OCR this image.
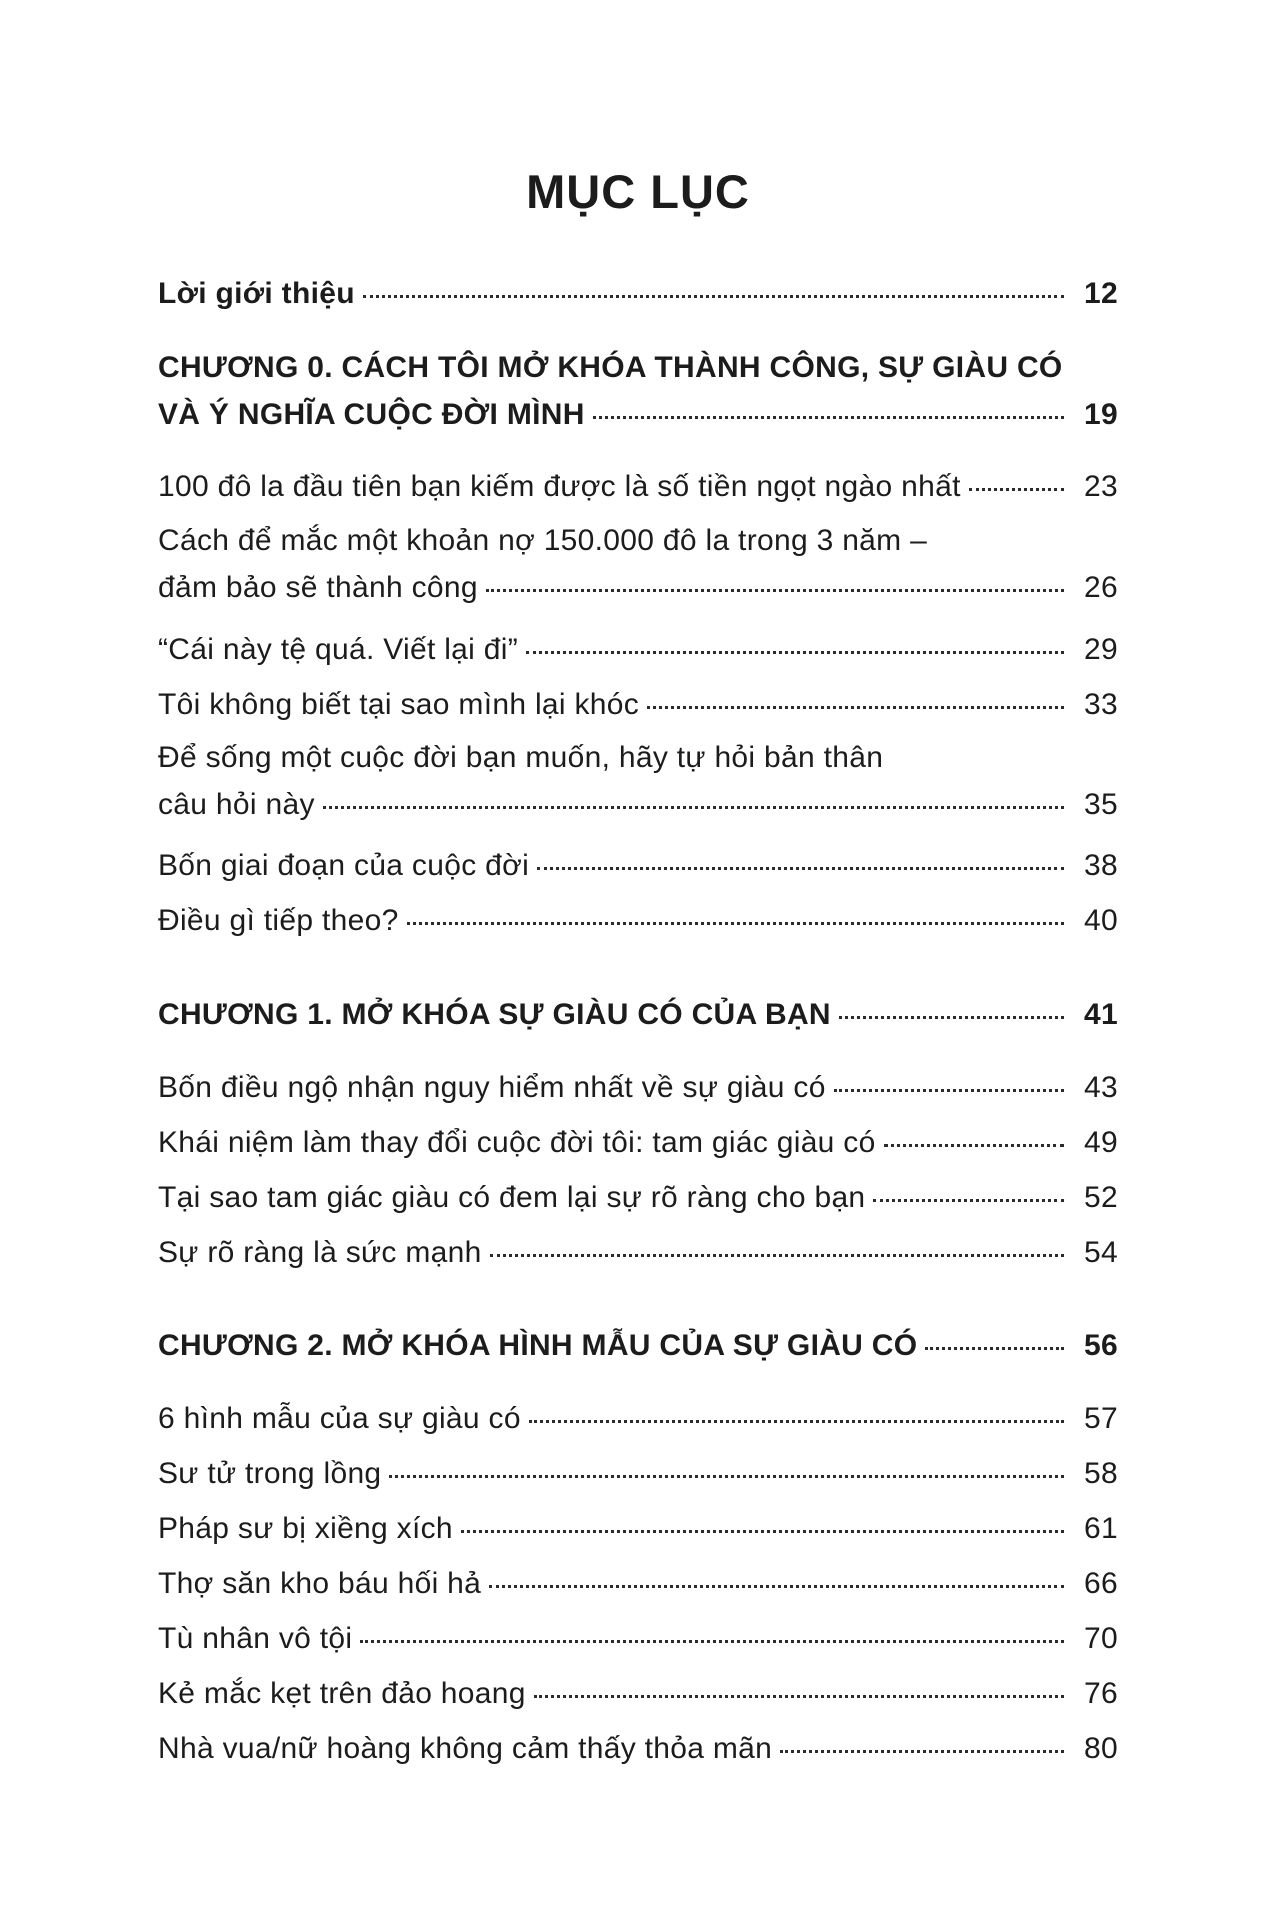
MỤC LỤC
Lời giới thiệu	12
CHƯƠNG 0. CÁCH TÔI MỞ KHÓA THÀNH CÔNG, SỰ GIÀU CÓ
VÀ Ý NGHĨA CUỘC ĐỜI MÌNH	19
100 đô la đầu tiên bạn kiếm được là số tiền ngọt ngào nhất	23
Cách để mắc một khoản nợ 150.000 đô la trong 3 năm –
đảm bảo sẽ thành công	26
“Cái này tệ quá. Viết lại đi”	29
Tôi không biết tại sao mình lại khóc	33
Để sống một cuộc đời bạn muốn, hãy tự hỏi bản thân
câu hỏi này	35
Bốn giai đoạn của cuộc đời	38
Điều gì tiếp theo?	40
CHƯƠNG 1. MỞ KHÓA SỰ GIÀU CÓ CỦA BẠN	41
Bốn điều ngộ nhận nguy hiểm nhất về sự giàu có	43
Khái niệm làm thay đổi cuộc đời tôi: tam giác giàu có	49
Tại sao tam giác giàu có đem lại sự rõ ràng cho bạn	52
Sự rõ ràng là sức mạnh	54
CHƯƠNG 2. MỞ KHÓA HÌNH MẪU CỦA SỰ GIÀU CÓ	56
6 hình mẫu của sự giàu có	57
Sư tử trong lồng	58
Pháp sư bị xiềng xích	61
Thợ săn kho báu hối hả	66
Tù nhân vô tội	70
Kẻ mắc kẹt trên đảo hoang	76
Nhà vua/nữ hoàng không cảm thấy thỏa mãn	80
